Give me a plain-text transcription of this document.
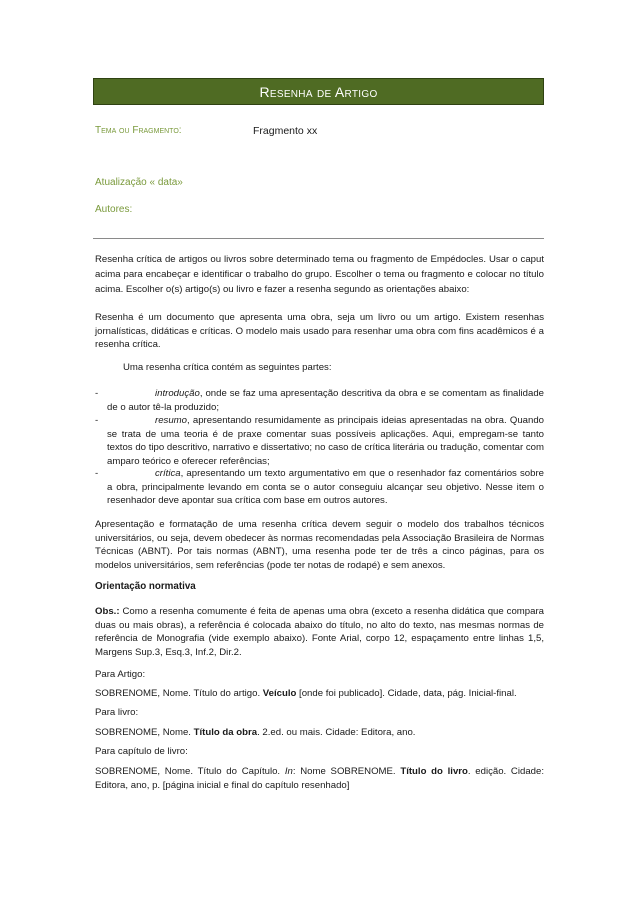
Resenha de Artigo
Tema ou Fragmento:	Fragmento xx
Atualização « data»
Autores:
Resenha crítica de artigos ou livros sobre determinado tema ou fragmento de Empédocles. Usar o caput acima para encabeçar e identificar o trabalho do grupo. Escolher o tema ou fragmento e colocar no título acima. Escolher o(s) artigo(s) ou livro e fazer a resenha segundo as orientações abaixo:
Resenha é um documento que apresenta uma obra, seja um livro ou um artigo. Existem resenhas jornalísticas, didáticas e críticas. O modelo mais usado para resenhar uma obra com fins acadêmicos é a resenha crítica.
Uma resenha crítica contém as seguintes partes:
-	introdução, onde se faz uma apresentação descritiva da obra e se comentam as finalidade de o autor tê-la produzido;
-	resumo, apresentando resumidamente as principais ideias apresentadas na obra. Quando se trata de uma teoria é de praxe comentar suas possíveis aplicações. Aqui, empregam-se tanto textos do tipo descritivo, narrativo e dissertativo; no caso de crítica literária ou tradução, comentar com amparo teórico e oferecer referências;
-	crítica, apresentando um texto argumentativo em que o resenhador faz comentários sobre a obra, principalmente levando em conta se o autor conseguiu alcançar seu objetivo. Nesse item o resenhador deve apontar sua crítica com base em outros autores.
Apresentação e formatação de uma resenha crítica devem seguir o modelo dos trabalhos técnicos universitários, ou seja, devem obedecer às normas recomendadas pela Associação Brasileira de Normas Técnicas (ABNT). Por tais normas (ABNT), uma resenha pode ter de três a cinco páginas, para os modelos universitários, sem referências (pode ter notas de rodapé) e sem anexos.
Orientação normativa
Obs.: Como a resenha comumente é feita de apenas uma obra (exceto a resenha didática que compara duas ou mais obras), a referência é colocada abaixo do título, no alto do texto, nas mesmas normas de referência de Monografia (vide exemplo abaixo). Fonte Arial, corpo 12, espaçamento entre linhas 1,5, Margens Sup.3, Esq.3, Inf.2, Dir.2.
Para Artigo:
SOBRENOME, Nome. Título do artigo. Veículo [onde foi publicado]. Cidade, data, pág. Inicial-final.
Para livro:
SOBRENOME, Nome. Título da obra. 2.ed. ou mais. Cidade: Editora, ano.
Para capítulo de livro:
SOBRENOME, Nome. Título do Capítulo. In: Nome SOBRENOME. Título do livro. edição. Cidade: Editora, ano, p. [página inicial e final do capítulo resenhado]
